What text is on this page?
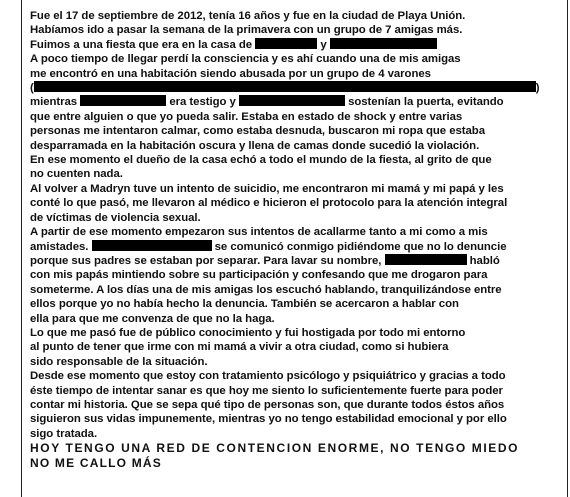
Fue el 17 de septiembre de 2012, tenía 16 años y fue en la ciudad de Playa Unión.

Habíamos ido a pasar la semana de la primavera con un grupo de 7 amigas más.

Fuimos a una fiesta que era en la casa de	y

A poco tiempo de llegar perdí la consciencia y es ahí cuando una de mis amigas

me encontró en una habitación siendo abusada por un grupo de 4 varones

(	)

mientras	era testigo y	sostenían la puerta, evitando

que entre alguien o que yo pueda salir. Estaba en estado de shock y entre varias

personas me intentaron calmar, como estaba desnuda, buscaron mi ropa que estaba

desparramada en la habitación oscura y llena de camas donde sucedió la violación.

En ese momento el dueño de la casa echó a todo el mundo de la fiesta, al grito de que

no cuenten nada.

Al volver a Madryn tuve un intento de suicidio, me encontraron mi mamá y mi papá y les

conté lo que pasó, me llevaron al médico e hicieron el protocolo para la atención integral

de víctimas de violencia sexual.

A partir de ese momento empezaron sus intentos de acallarme tanto a mi como a mis

amistades.	se comunicó conmigo pidiéndome que no lo denuncie

porque sus padres se estaban por separar. Para lavar su nombre,	habló

con mis papás mintiendo sobre su participación y confesando que me drogaron para

someterme. A los días una de mis amigas los escuchó hablando, tranquilizándose entre

ellos porque yo no había hecho la denuncia. También se acercaron a hablar con

ella para que me convenza de que no la haga.

Lo que me pasó fue de público conocimiento y fui hostigada por todo mi entorno

al punto de tener que irme con mi mamá a vivir a otra ciudad, como si hubiera

sido responsable de la situación.

Desde ese momento que estoy con tratamiento psicólogo y psiquiátrico y gracias a todo

éste tiempo de intentar sanar es que hoy me siento lo suficientemente fuerte para poder

contar mi historia. Que se sepa qué tipo de personas son, que durante todos éstos años

siguieron sus vidas impunemente, mientras yo no tengo estabilidad emocional y por ello

sigo tratada.

HOY TENGO UNA RED DE CONTENCION ENORME, NO TENGO MIEDO

NO ME CALLO MÁS
